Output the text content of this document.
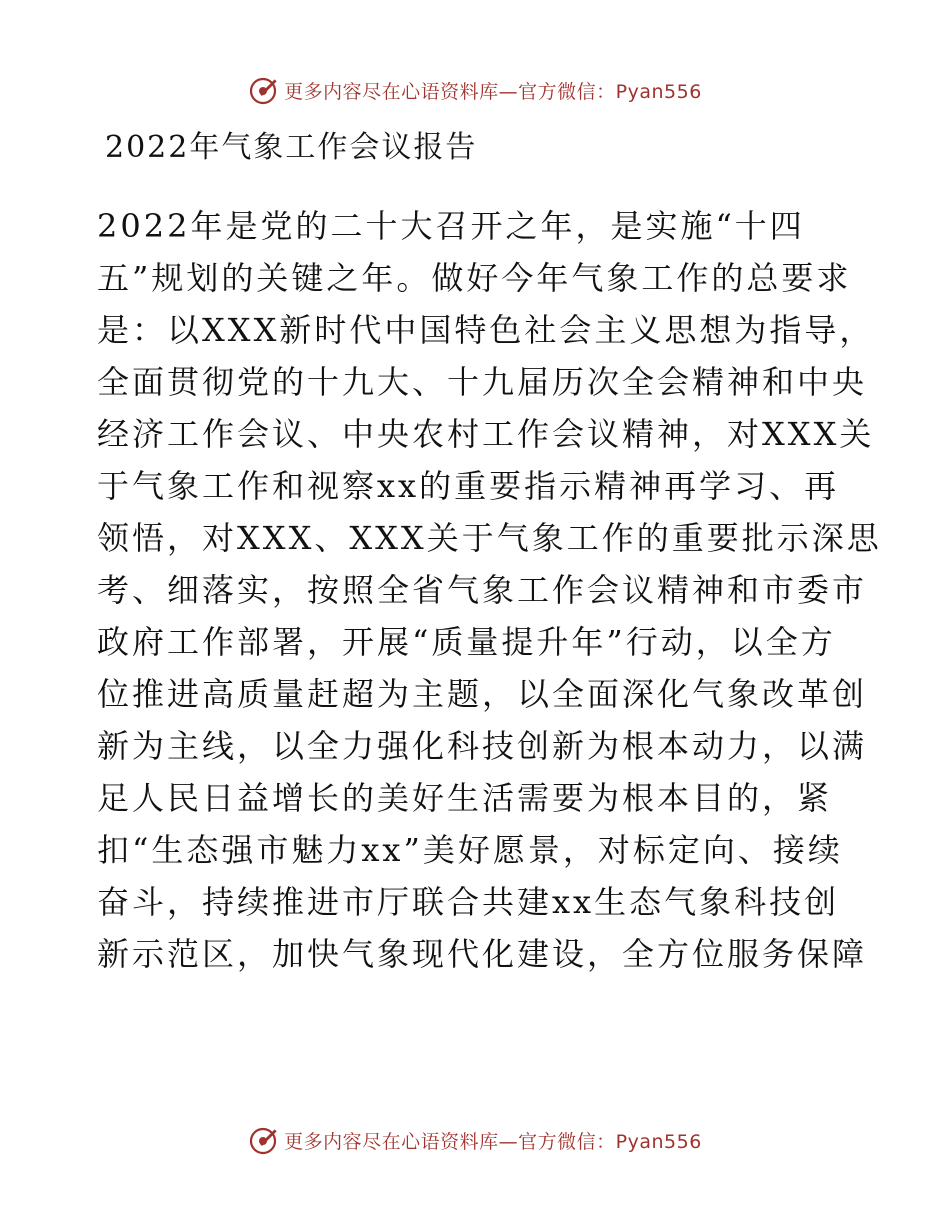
更多内容尽在心语资料库—官方微信：Pyan556
2022年气象工作会议报告
2022年是党的二十大召开之年，是实施“十四
五”规划的关键之年。做好今年气象工作的总要求
是：以XXX新时代中国特色社会主义思想为指导，
全面贯彻党的十九大、十九届历次全会精神和中央
经济工作会议、中央农村工作会议精神，对XXX关
于气象工作和视察xx的重要指示精神再学习、再
领悟，对XXX、XXX关于气象工作的重要批示深思
考、细落实，按照全省气象工作会议精神和市委市
政府工作部署，开展“质量提升年”行动，以全方
位推进高质量赶超为主题，以全面深化气象改革创
新为主线，以全力强化科技创新为根本动力，以满
足人民日益增长的美好生活需要为根本目的，紧
扣“生态强市魅力xx”美好愿景，对标定向、接续
奋斗，持续推进市厅联合共建xx生态气象科技创
新示范区，加快气象现代化建设，全方位服务保障
更多内容尽在心语资料库—官方微信：Pyan556
